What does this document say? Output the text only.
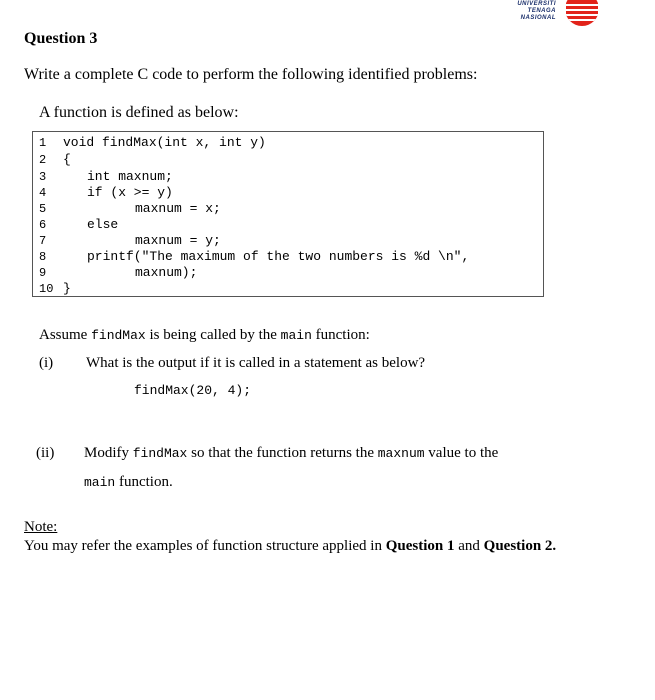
UNIVERSITI
TENAGA
NASIONAL
Question 3
Write a complete C code to perform the following identified problems:
A function is defined as below:
1
2
3
4
5
6
7
8
9
10
void findMax(int x, int y)
{
int maxnum;
if (x >= y)
maxnum = x;
else
maxnum = y;
printf("The maximum of the two numbers is %d \n",
maxnum);
}
Assume findMax is being called by the main function:
(i) What is the output if it is called in a statement as below?
findMax(20, 4);
(ii) Modify findMax so that the function returns the maxnum value to the
main function.
Note:
You may refer the examples of function structure applied in Question 1 and Question 2.
